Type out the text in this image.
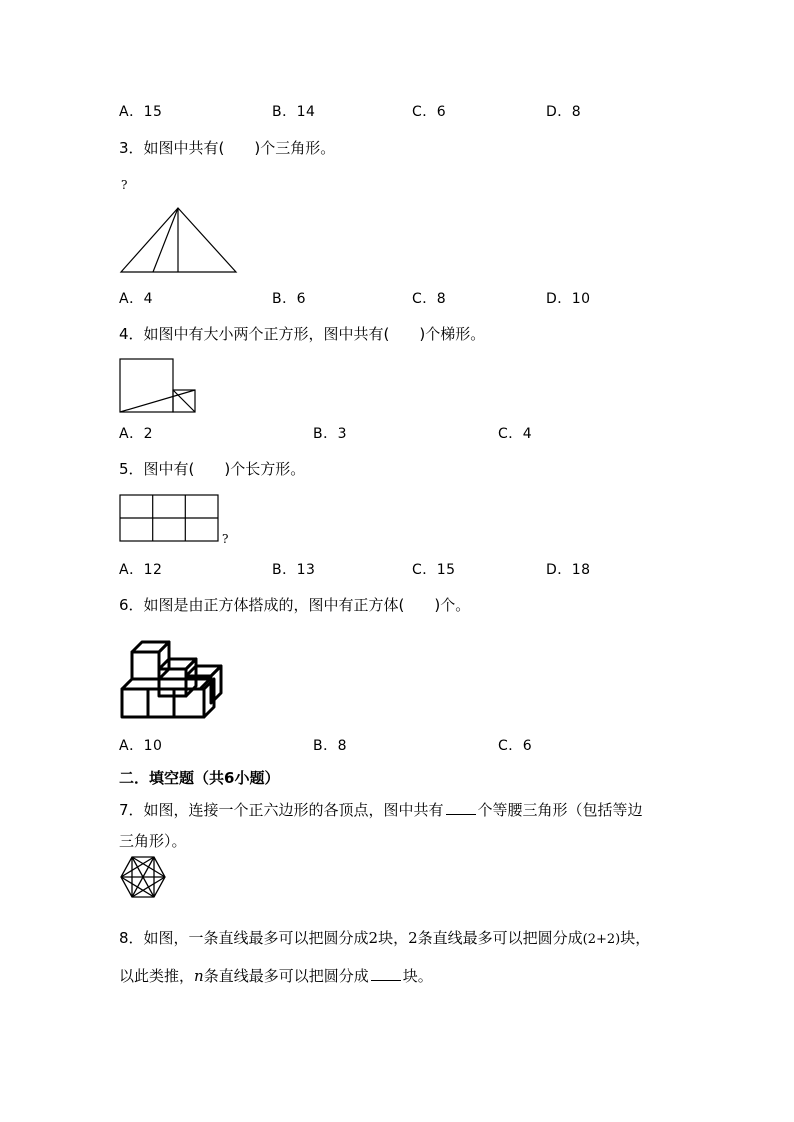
A．15	B．14	C．6	D．8
3．如图中共有(　　)个三角形。
?
A．4	B．6	C．8	D．10
4．如图中有大小两个正方形，图中共有(　　)个梯形。
A．2	B．3	C．4
5．图中有(　　)个长方形。
?
A．12	B．13	C．15	D．18
6．如图是由正方体搭成的，图中有正方体(　　)个。
A．10	B．8	C．6
二．填空题（共6小题）
7．如图，连接一个正六边形的各顶点，图中共有 个等腰三角形（包括等边
三角形）。
8．如图，一条直线最多可以把圆分成2块，2条直线最多可以把圆分成(2+2)块，
以此类推，n条直线最多可以把圆分成 块。
